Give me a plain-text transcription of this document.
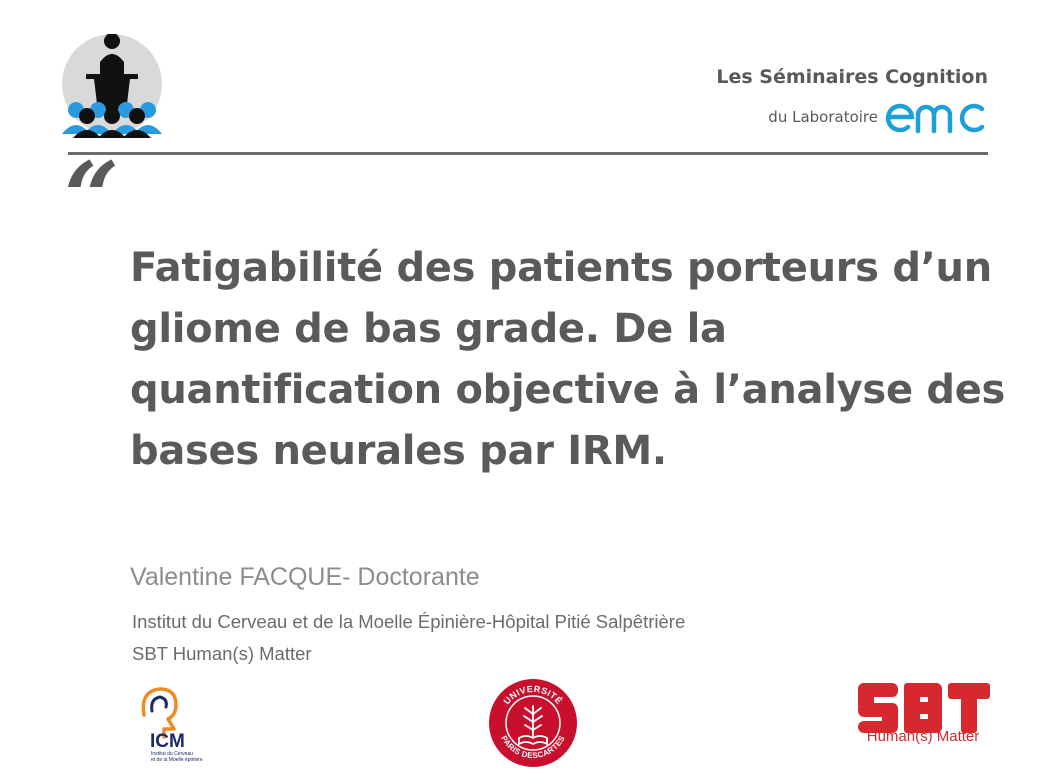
Les Séminaires Cognition
du Laboratoire
“
Fatigabilité des patients porteurs d’un gliome de bas grade. De la quantification objective à l’analyse des bases neurales par IRM.
Valentine FACQUE- Doctorante
Institut du Cerveau et de la Moelle Épinière-Hôpital Pitié Salpêtrière
SBT Human(s) Matter
ICM
Institut du Cerveau
et de la Moelle épinière
UNIVERSITÉ
PARIS DESCARTES	Human(s) Matter
